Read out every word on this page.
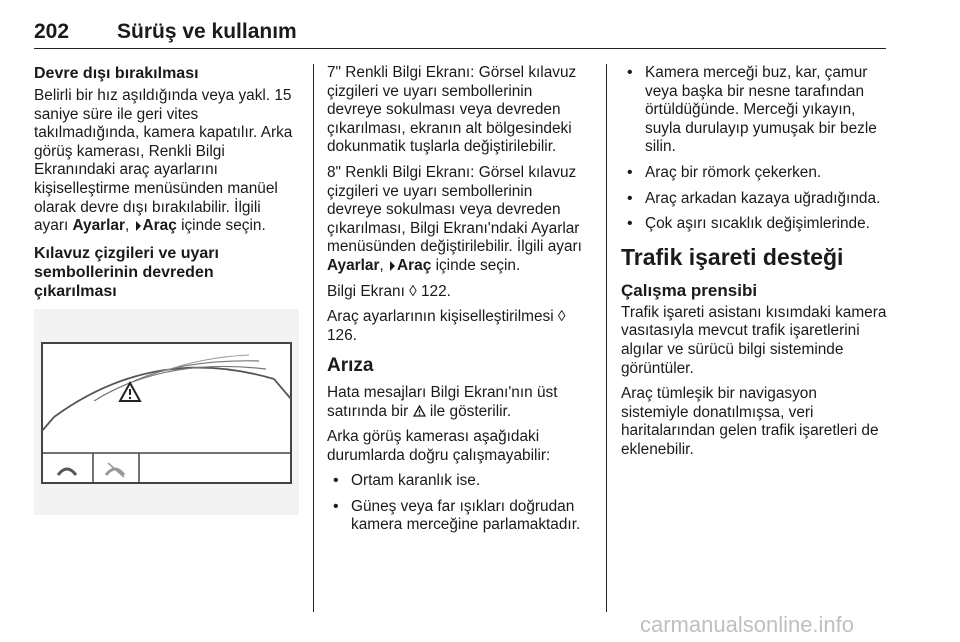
202 Sürüş ve kullanım
Devre dışı bırakılması

Belirli bir hız aşıldığında veya yakl. 15 saniye süre ile geri vites takılmadığında, kamera kapatılır. Arka görüş kamerası, Renkli Bilgi Ekranındaki araç ayarlarını kişiselleştirme menüsünden manüel olarak devre dışı bırakılabilir. İlgili ayarı Ayarlar, Araç içinde seçin.

Kılavuz çizgileri ve uyarı sembollerinin devreden çıkarılması

7" Renkli Bilgi Ekranı: Görsel kılavuz çizgileri ve uyarı sembollerinin devreye sokulması veya devreden çıkarılması, ekranın alt bölgesindeki dokunmatik tuşlarla değiştirilebilir.

8" Renkli Bilgi Ekranı: Görsel kılavuz çizgileri ve uyarı sembollerinin devreye sokulması veya devreden çıkarılması, Bilgi Ekranı'ndaki Ayarlar menüsünden değiştirilebilir. İlgili ayarı Ayarlar, Araç içinde seçin.

Bilgi Ekranı ◊ 122.

Araç ayarlarının kişiselleştirilmesi ◊ 126.

Arıza

Hata mesajları Bilgi Ekranı'nın üst satırında bir ile gösterilir.

Arka görüş kamerası aşağıdaki durumlarda doğru çalışmayabilir:

• Ortam karanlık ise.
• Güneş veya far ışıkları doğrudan kamera merceğine parlamaktadır.
• Kamera merceği buz, kar, çamur veya başka bir nesne tarafından örtüldüğünde. Merceği yıkayın, suyla durulayıp yumuşak bir bezle silin.
• Araç bir römork çekerken.
• Araç arkadan kazaya uğradığında.
• Çok aşırı sıcaklık değişimlerinde.
Trafik işareti desteği
Çalışma prensibi

Trafik işareti asistanı kısımdaki kamera vasıtasıyla mevcut trafik işaretlerini algılar ve sürücü bilgi sisteminde görüntüler.

Araç tümleşik bir navigasyon sistemiyle donatılmışsa, veri haritalarından gelen trafik işaretleri de eklenebilir.

carmanualsonline.info
